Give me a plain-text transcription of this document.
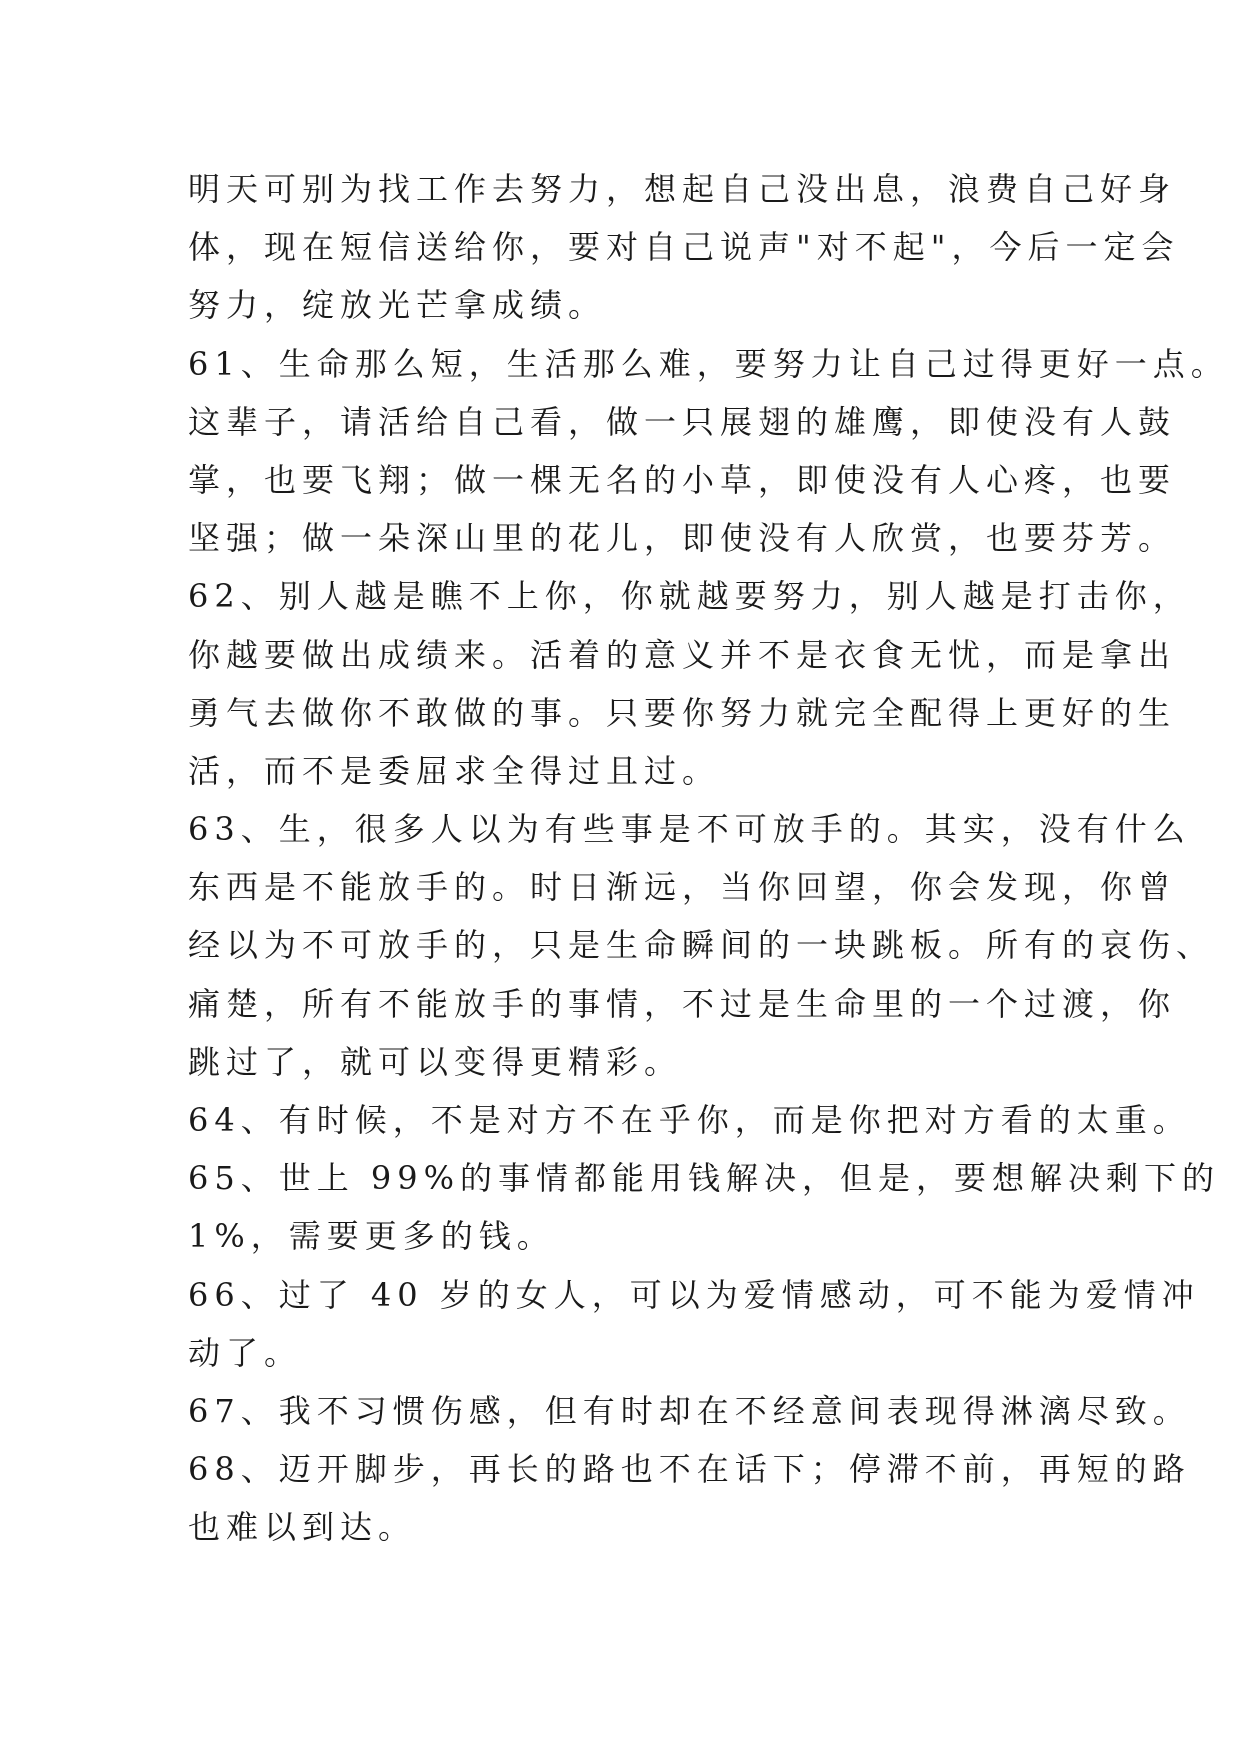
明天可别为找工作去努力，想起自己没出息，浪费自己好身
体，现在短信送给你，要对自己说声"对不起"，今后一定会
努力，绽放光芒拿成绩。
61、生命那么短，生活那么难，要努力让自己过得更好一点。
这辈子，请活给自己看，做一只展翅的雄鹰，即使没有人鼓
掌，也要飞翔；做一棵无名的小草，即使没有人心疼，也要
坚强；做一朵深山里的花儿，即使没有人欣赏，也要芬芳。
62、别人越是瞧不上你，你就越要努力，别人越是打击你，
你越要做出成绩来。活着的意义并不是衣食无忧，而是拿出
勇气去做你不敢做的事。只要你努力就完全配得上更好的生
活，而不是委屈求全得过且过。
63、生，很多人以为有些事是不可放手的。其实，没有什么
东西是不能放手的。时日渐远，当你回望，你会发现，你曾
经以为不可放手的，只是生命瞬间的一块跳板。所有的哀伤、
痛楚，所有不能放手的事情，不过是生命里的一个过渡，你
跳过了，就可以变得更精彩。
64、有时候，不是对方不在乎你，而是你把对方看的太重。
65、世上 99%的事情都能用钱解决，但是，要想解决剩下的
1%，需要更多的钱。
66、过了 40 岁的女人，可以为爱情感动，可不能为爱情冲
动了。
67、我不习惯伤感，但有时却在不经意间表现得淋漓尽致。
68、迈开脚步，再长的路也不在话下；停滞不前，再短的路
也难以到达。
